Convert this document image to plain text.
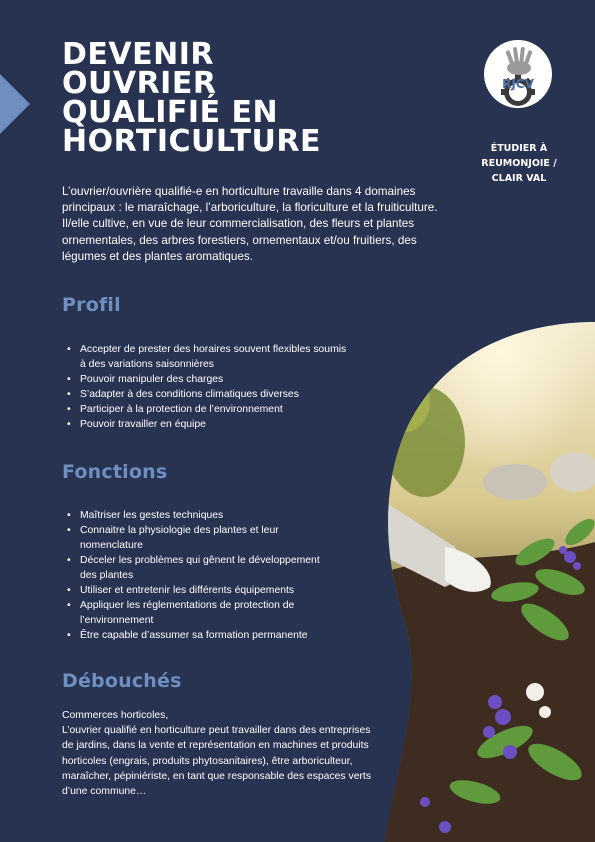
DEVENIR
OUVRIER
QUALIFIÉ EN
HORTICULTURE
RJCV
ÉTUDIER À
REUMONJOIE /
CLAIR VAL

L’ouvrier/ouvrière qualifié-e en horticulture travaille dans 4 domaines principaux : le maraîchage, l’arboriculture, la floriculture et la fruiticulture. Il/elle cultive, en vue de leur commercialisation, des fleurs et plantes ornementales, des arbres forestiers, ornementaux et/ou fruitiers, des légumes et des plantes aromatiques.

Profil
• Accepter de prester des horaires souvent flexibles soumis à des variations saisonnières
• Pouvoir manipuler des charges
• S’adapter à des conditions climatiques diverses
• Participer à la protection de l’environnement
• Pouvoir travailler en équipe
Fonctions
• Maîtriser les gestes techniques
• Connaitre la physiologie des plantes et leur nomenclature
• Déceler les problèmes qui gênent le développement des plantes
• Utiliser et entretenir les différents équipements
• Appliquer les réglementations de protection de l’environnement
• Être capable d’assumer sa formation permanente
Débouchés
Commerces horticoles,
L’ouvrier qualifié en horticulture peut travailler dans des entreprises de jardins, dans la vente et représentation en machines et produits horticoles (engrais, produits phytosanitaires), être arboriculteur, maraîcher, pépiniériste, en tant que responsable des espaces verts d’une commune…
